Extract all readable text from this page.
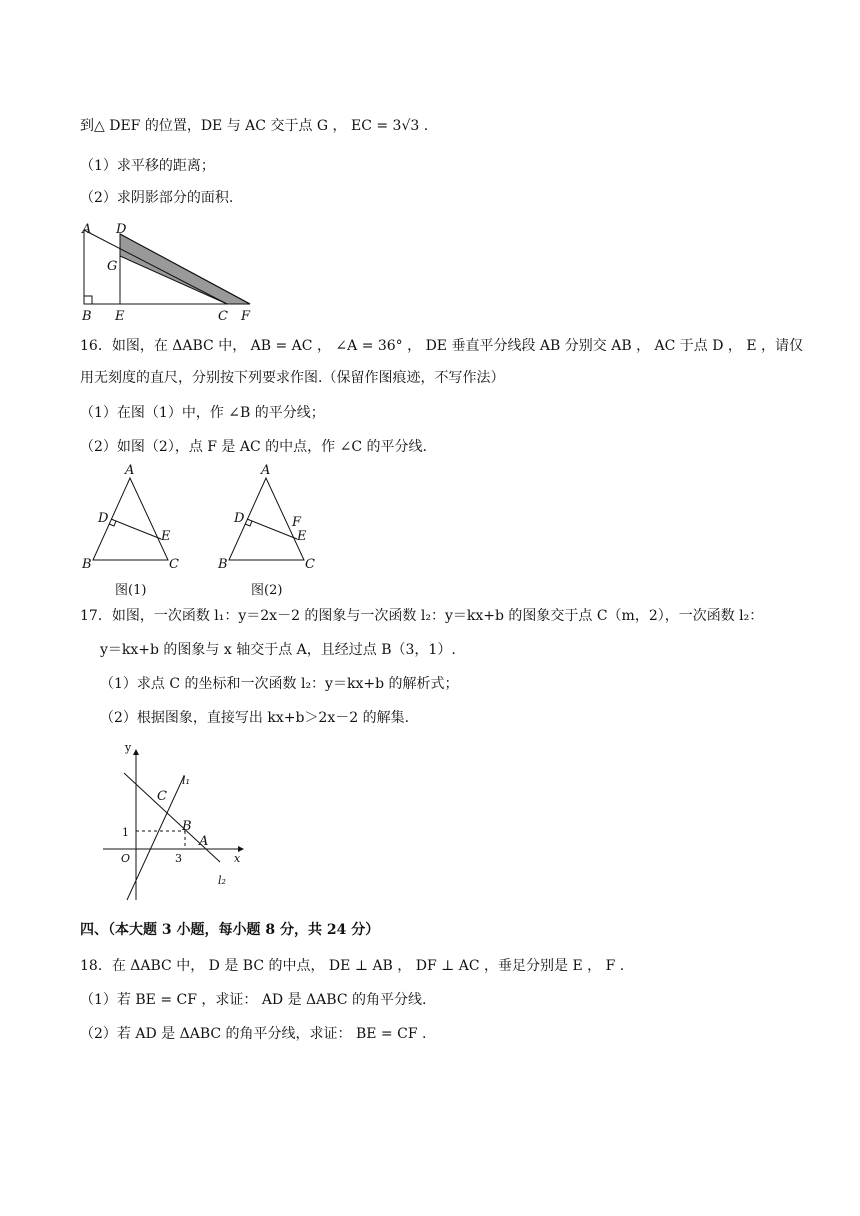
到△ DEF 的位置，DE 与 AC 交于点 G ， EC = 3√3 .
（1）求平移的距离；
（2）求阴影部分的面积.
A D
G
B E	C F
16．如图，在 ΔABC 中， AB = AC ， ∠A = 36° ， DE 垂直平分线段 AB 分别交 AB ， AC 于点 D ， E ，请仅
用无刻度的直尺，分别按下列要求作图.（保留作图痕迹，不写作法）
（1）在图（1）中，作 ∠B 的平分线；
（2）如图（2），点 F 是 AC 的中点，作 ∠C 的平分线.
A
D
E
B	C
图(1)
A
D	F
E
B	C
图(2)
17．如图，一次函数 l₁：y＝2x－2 的图象与一次函数 l₂：y＝kx+b 的图象交于点 C（m，2），一次函数 l₂：
y＝kx+b 的图象与 x 轴交于点 A，且经过点 B（3，1）.
（1）求点 C 的坐标和一次函数 l₂：y＝kx+b 的解析式；
（2）根据图象，直接写出 kx+b＞2x－2 的解集.
y
x
O
1
3
C
B
A
l₁
l₂
四、（本大题 3 小题，每小题 8 分，共 24 分）
18．在 ΔABC 中， D 是 BC 的中点， DE ⊥ AB ， DF ⊥ AC ，垂足分别是 E ， F .
（1）若 BE = CF ，求证： AD 是 ΔABC 的角平分线.
（2）若 AD 是 ΔABC 的角平分线，求证： BE = CF .
